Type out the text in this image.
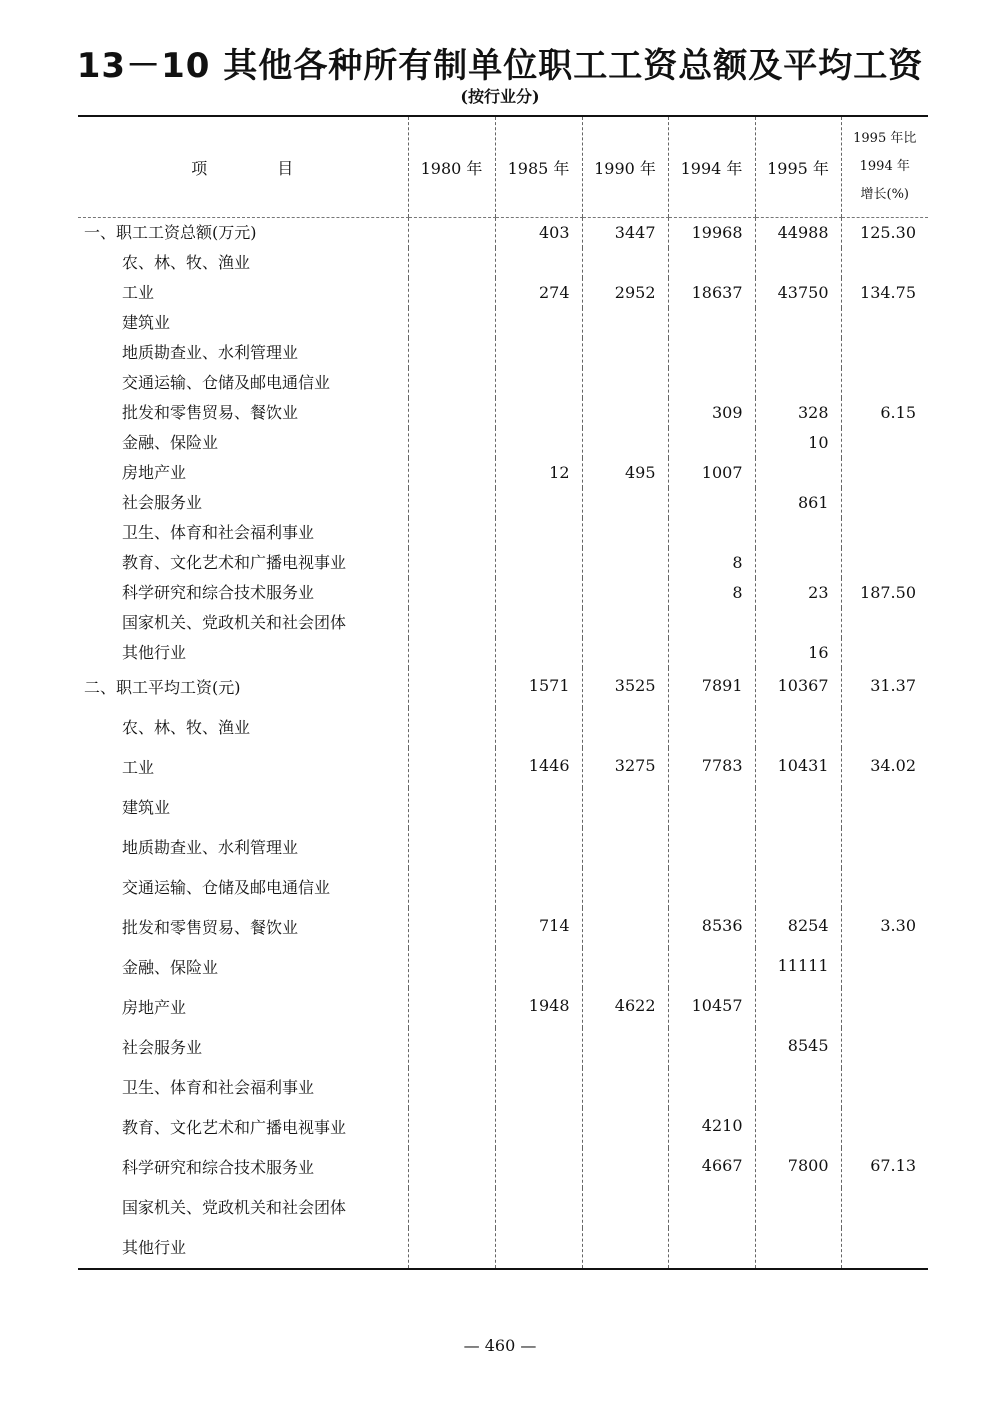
13－10 其他各种所有制单位职工工资总额及平均工资
(按行业分)
项目	1980 年	1985 年	1990 年	1994 年	1995 年	1995 年比
1994 年
增长(%)

一、职工工资总额(万元)		403	3447	19968	44988	125.30
农、林、牧、渔业						
工业		274	2952	18637	43750	134.75
建筑业						
地质勘查业、水利管理业						
交通运输、仓储及邮电通信业						
批发和零售贸易、餐饮业				309	328	6.15
金融、保险业					10	
房地产业		12	495	1007		
社会服务业					861	
卫生、体育和社会福利事业						
教育、文化艺术和广播电视事业				8		
科学研究和综合技术服务业				8	23	187.50
国家机关、党政机关和社会团体						
其他行业					16	
二、职工平均工资(元)		1571	3525	7891	10367	31.37
农、林、牧、渔业						
工业		1446	3275	7783	10431	34.02
建筑业						
地质勘查业、水利管理业						
交通运输、仓储及邮电通信业						
批发和零售贸易、餐饮业		714		8536	8254	3.30
金融、保险业					11111	
房地产业		1948	4622	10457		
社会服务业					8545	
卫生、体育和社会福利事业						
教育、文化艺术和广播电视事业				4210		
科学研究和综合技术服务业				4667	7800	67.13
国家机关、党政机关和社会团体						
其他行业						
— 460 —
